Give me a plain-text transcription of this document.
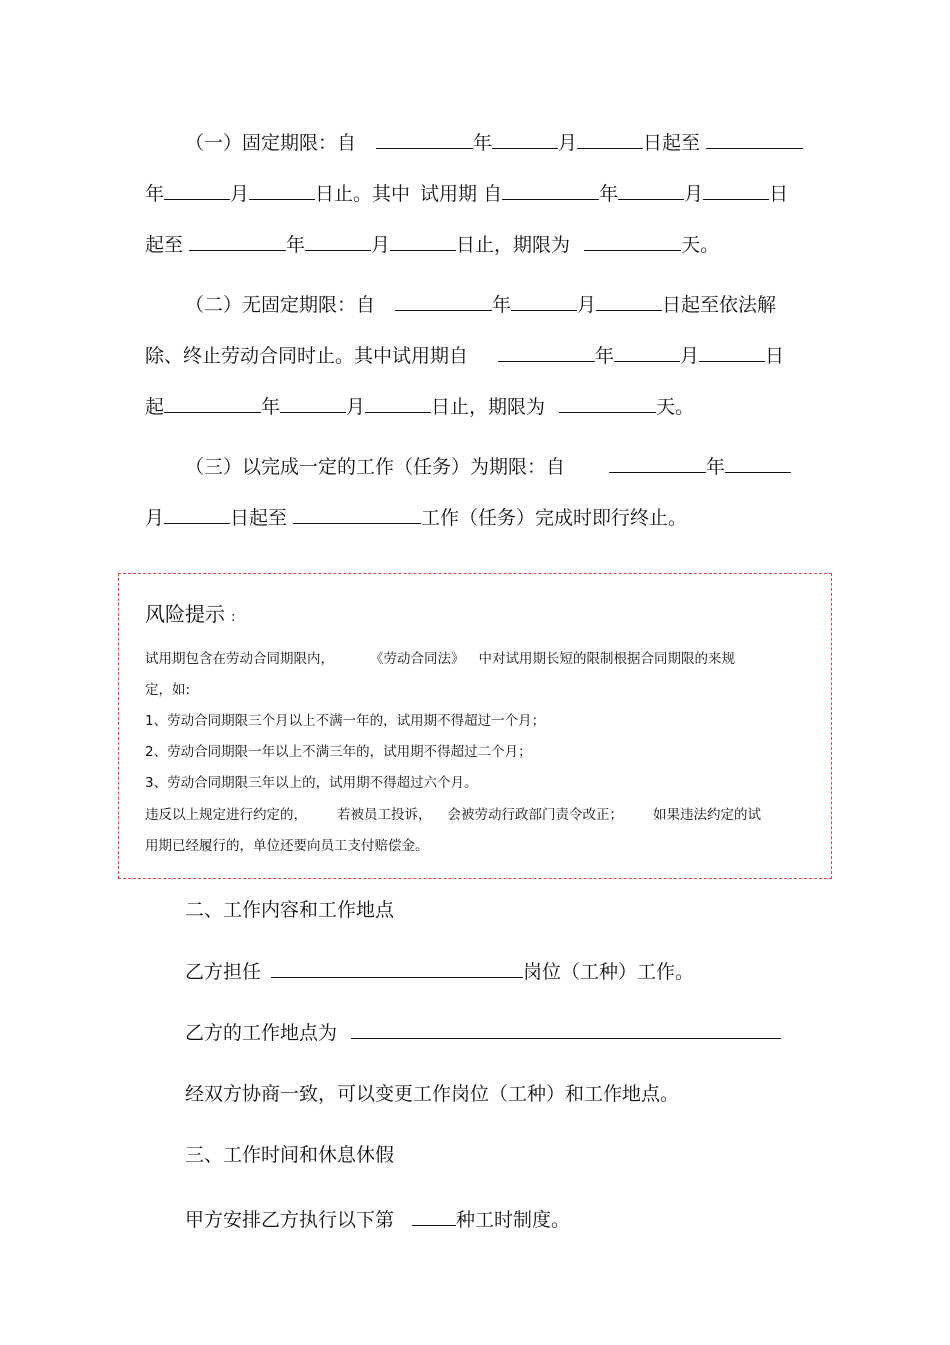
（一）固定期限：自	年	月	日起至
年	月	日止。其中 试用期 自	年	月	日
起至	年	月	日止，期限为	天。
（二）无固定期限：自	年	月	日起至依法解
除、终止劳动合同时止。其中试用期自	年	月	日
起	年	月	日止，期限为	天。
（三）以完成一定的工作（任务）为期限：自	年
月	日起至	工作（任务）完成时即行终止。
风险提示 :
试用期包含在劳动合同期限内，	《劳动合同法》 中对试用期长短的限制根据合同期限的来规
定，如:
1、劳动合同期限三个月以上不满一年的，试用期不得超过一个月；
2、劳动合同期限一年以上不满三年的，试用期不得超过二个月；
3、劳动合同期限三年以上的，试用期不得超过六个月。
违反以上规定进行约定的， 若被员工投诉， 会被劳动行政部门责令改正； 如果违法约定的试
用期已经履行的，单位还要向员工支付赔偿金。
二、工作内容和工作地点
乙方担任	岗位（工种）工作。
乙方的工作地点为
经双方协商一致，可以变更工作岗位（工种）和工作地点。
三、工作时间和休息休假
甲方安排乙方执行以下第	种工时制度。
